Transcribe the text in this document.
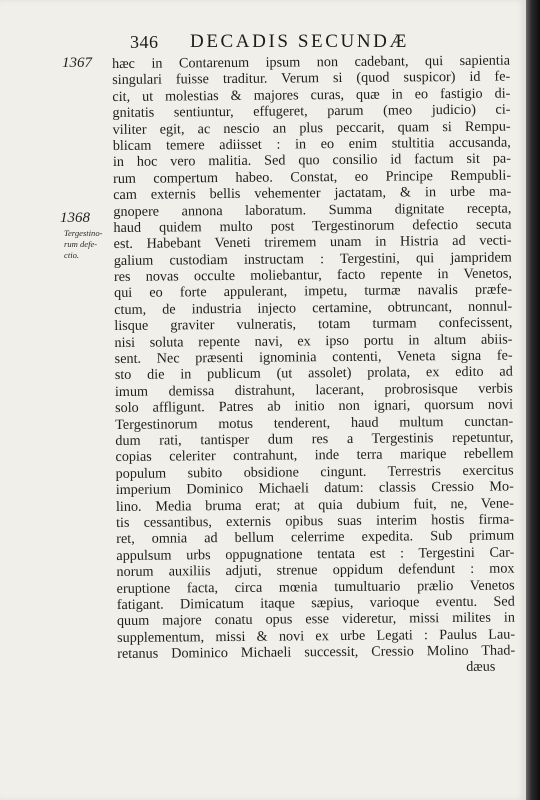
346 DECADIS SECUNDÆ
1367
1368
Tergestino-
rum defe-
ctio.
hæc in Contarenum ipsum non cadebant, qui sapientia
singulari fuisse traditur. Verum si (quod suspicor) id fe-
cit, ut molestias & majores curas, quæ in eo fastigio di-
gnitatis sentiuntur, effugeret, parum (meo judicio) ci-
viliter egit, ac nescio an plus peccarit, quam si Rempu-
blicam temere adiisset : in eo enim stultitia accusanda,
in hoc vero malitia. Sed quo consilio id factum sit pa-
rum compertum habeo. Constat, eo Principe Rempubli-
cam externis bellis vehementer jactatam, & in urbe ma-
gnopere annona laboratum. Summa dignitate recepta,
haud quidem multo post Tergestinorum defectio secuta
est. Habebant Veneti triremem unam in Histria ad vecti-
galium custodiam instructam : Tergestini, qui jampridem
res novas occulte moliebantur, facto repente in Venetos,
qui eo forte appulerant, impetu, turmæ navalis præfe-
ctum, de industria injecto certamine, obtruncant, nonnul-
lisque graviter vulneratis, totam turmam confecissent,
nisi soluta repente navi, ex ipso portu in altum abiis-
sent. Nec præsenti ignominia contenti, Veneta signa fe-
sto die in publicum (ut assolet) prolata, ex edito ad
imum demissa distrahunt, lacerant, probrosisque verbis
solo affligunt. Patres ab initio non ignari, quorsum novi
Tergestinorum motus tenderent, haud multum cunctan-
dum rati, tantisper dum res a Tergestinis repetuntur,
copias celeriter contrahunt, inde terra marique rebellem
populum subito obsidione cingunt. Terrestris exercitus
imperium Dominico Michaeli datum: classis Cressio Mo-
lino. Media bruma erat; at quia dubium fuit, ne, Vene-
tis cessantibus, externis opibus suas interim hostis firma-
ret, omnia ad bellum celerrime expedita. Sub primum
appulsum urbs oppugnatione tentata est : Tergestini Car-
norum auxiliis adjuti, strenue oppidum defendunt : mox
eruptione facta, circa mœnia tumultuario prælio Venetos
fatigant. Dimicatum itaque sæpius, varioque eventu. Sed
quum majore conatu opus esse videretur, missi milites in
supplementum, missi & novi ex urbe Legati : Paulus Lau-
retanus Dominico Michaeli successit, Cressio Molino Thad-
dæus
